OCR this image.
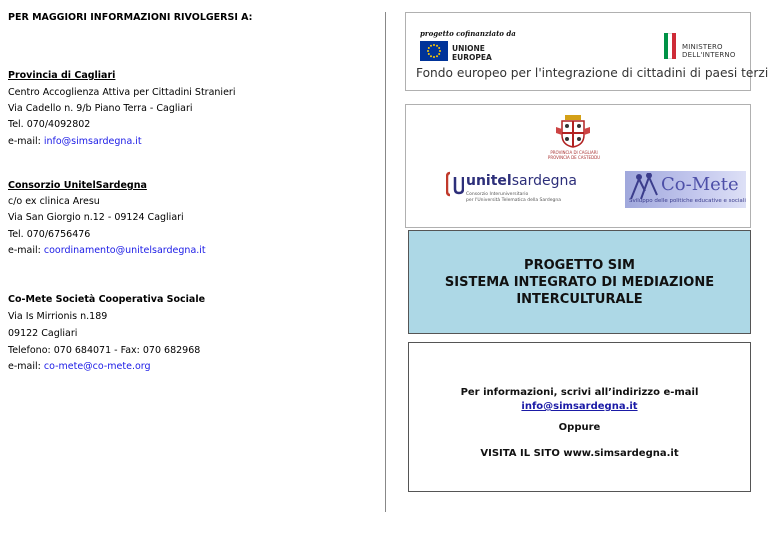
PER MAGGIORI INFORMAZIONI RIVOLGERSI A:
Provincia di Cagliari
Centro Accoglienza Attiva per Cittadini Stranieri
Via Cadello n. 9/b Piano Terra - Cagliari
Tel. 070/4092802
e-mail: info@simsardegna.it
Consorzio UnitelSardegna
c/o ex clinica Aresu
Via San Giorgio n.12 - 09124 Cagliari
Tel. 070/6756476
e-mail: coordinamento@unitelsardegna.it
Co-Mete Società Cooperativa Sociale
Via Is Mirrionis n.189
09122 Cagliari
Telefono: 070 684071 - Fax: 070 682968
e-mail: co-mete@co-mete.org
progetto cofinanziato da
UNIONE
EUROPEA
MINISTERO
DELL'INTERNO
Fondo europeo per l'integrazione di cittadini di paesi terzi
PROVINCIA DI CAGLIARI
PROVINCIA DE CASTEDDU
unitelsardegna
Consorzio Interuniversitario
per l'Università Telematica della Sardegna
Co-Mete
Sviluppo delle politiche educative e sociali
PROGETTO SIM
SISTEMA INTEGRATO DI MEDIAZIONE
INTERCULTURALE
Per informazioni, scrivi all’indirizzo e-mail
info@simsardegna.it
Oppure
VISITA IL SITO www.simsardegna.it
